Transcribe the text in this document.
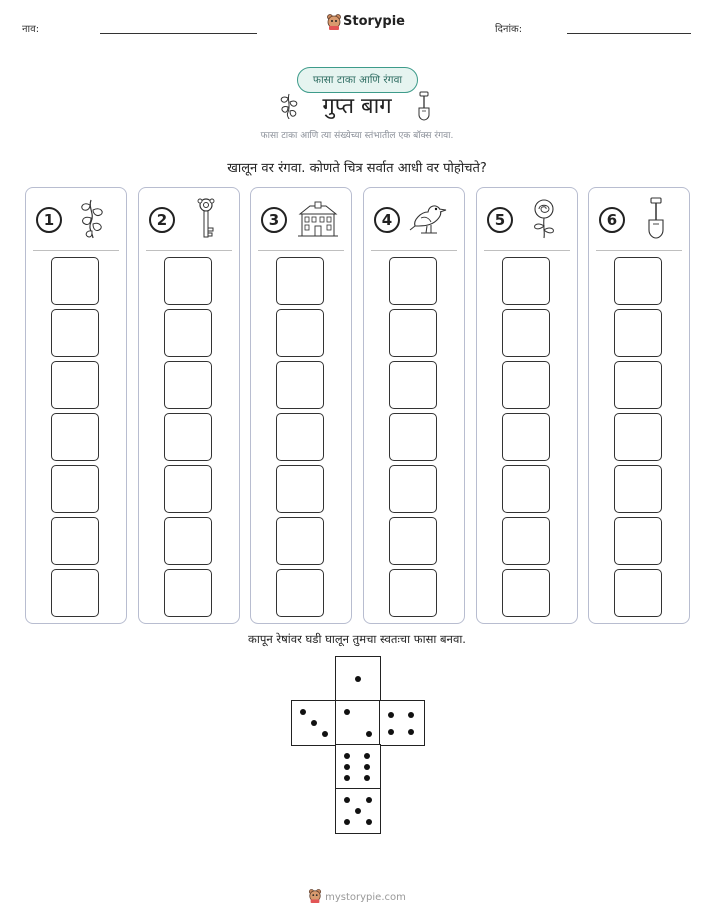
नाव:
Storypie
दिनांक:
फासा टाका आणि रंगवा
गुप्त बाग
फासा टाका आणि त्या संख्येच्या स्तंभातील एक बॉक्स रंगवा.
खालून वर रंगवा. कोणते चित्र सर्वात आधी वर पोहोचते?
1	2	3	4	5	6
कापून रेषांवर घडी घालून तुमचा स्वतःचा फासा बनवा.
mystorypie.com
